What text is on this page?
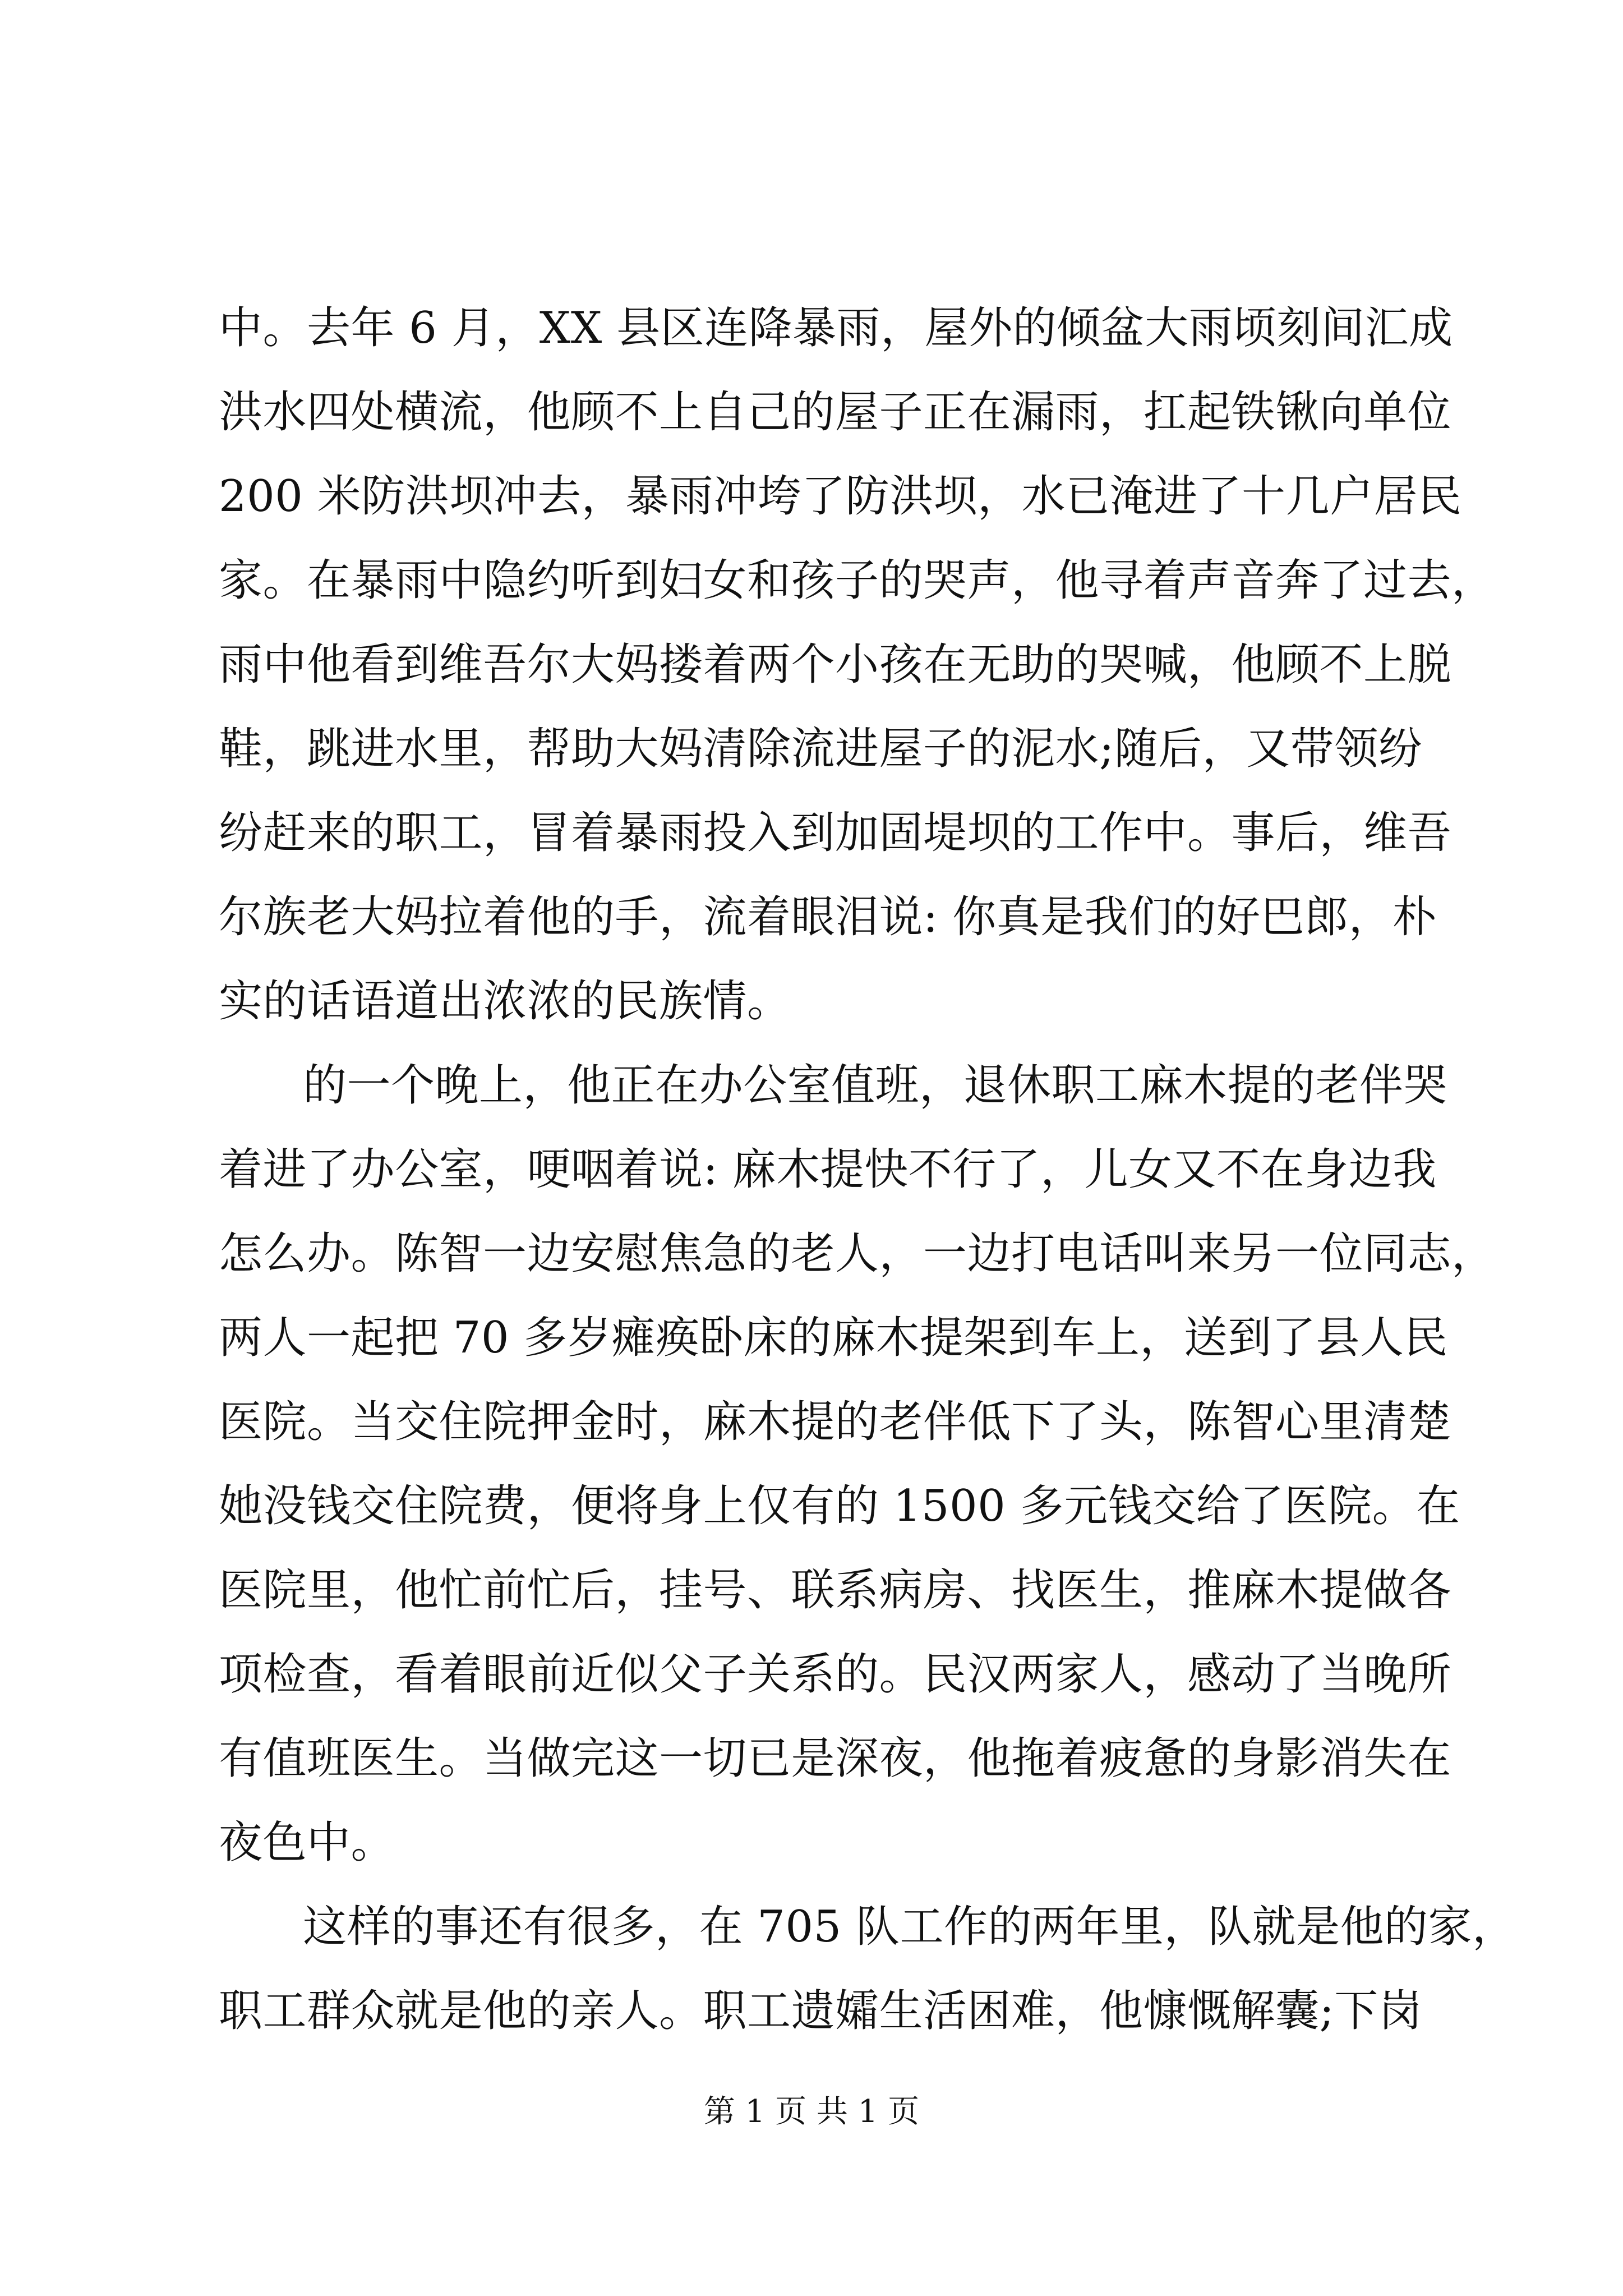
中。去年 6 月，XX 县区连降暴雨，屋外的倾盆大雨顷刻间汇成
洪水四处横流，他顾不上自己的屋子正在漏雨，扛起铁锹向单位
200 米防洪坝冲去，暴雨冲垮了防洪坝，水已淹进了十几户居民
家。在暴雨中隐约听到妇女和孩子的哭声，他寻着声音奔了过去，
雨中他看到维吾尔大妈搂着两个小孩在无助的哭喊，他顾不上脱
鞋，跳进水里，帮助大妈清除流进屋子的泥水;随后，又带领纷
纷赶来的职工，冒着暴雨投入到加固堤坝的工作中。事后，维吾
尔族老大妈拉着他的手，流着眼泪说: 你真是我们的好巴郎，朴
实的话语道出浓浓的民族情。
的一个晚上，他正在办公室值班，退休职工麻木提的老伴哭
着进了办公室，哽咽着说: 麻木提快不行了，儿女又不在身边我
怎么办。陈智一边安慰焦急的老人，一边打电话叫来另一位同志，
两人一起把 70 多岁瘫痪卧床的麻木提架到车上，送到了县人民
医院。当交住院押金时，麻木提的老伴低下了头，陈智心里清楚
她没钱交住院费，便将身上仅有的 1500 多元钱交给了医院。在
医院里，他忙前忙后，挂号、联系病房、找医生，推麻木提做各
项检查，看着眼前近似父子关系的。民汉两家人，感动了当晚所
有值班医生。当做完这一切已是深夜，他拖着疲惫的身影消失在
夜色中。
这样的事还有很多，在 705 队工作的两年里，队就是他的家，
职工群众就是他的亲人。职工遗孀生活困难，他慷慨解囊;下岗
第 1 页 共 1 页
